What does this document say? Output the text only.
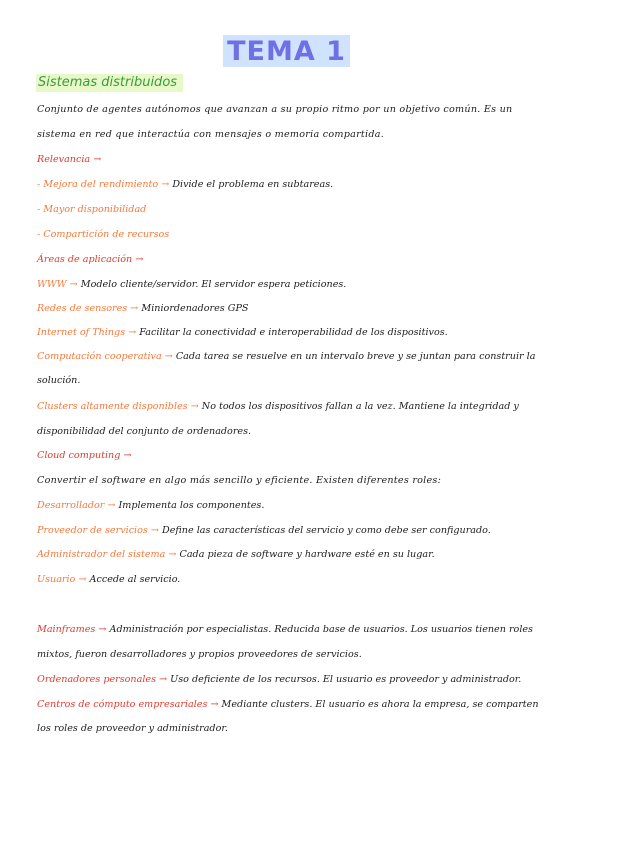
TEMA 1
Sistemas distribuidos
Conjunto de agentes autónomos que avanzan a su propio ritmo por un objetivo común. Es un
sistema en red que interactúa con mensajes o memoria compartida.
Relevancia →
- Mejora del rendimiento → Divide el problema en subtareas.
- Mayor disponibilidad
- Compartición de recursos
Áreas de aplicación →
WWW → Modelo cliente/servidor. El servidor espera peticiones.
Redes de sensores → Miniordenadores GPS
Internet of Things → Facilitar la conectividad e interoperabilidad de los dispositivos.
Computación cooperativa → Cada tarea se resuelve en un intervalo breve y se juntan para construir la
solución.
Clusters altamente disponibles → No todos los dispositivos fallan a la vez. Mantiene la integridad y
disponibilidad del conjunto de ordenadores.
Cloud computing →
Convertir el software en algo más sencillo y eficiente. Existen diferentes roles:
Desarrollador → Implementa los componentes.
Proveedor de servicios → Define las características del servicio y como debe ser configurado.
Administrador del sistema → Cada pieza de software y hardware esté en su lugar.
Usuario → Accede al servicio.
Mainframes → Administración por especialistas. Reducida base de usuarios. Los usuarios tienen roles
mixtos, fueron desarrolladores y propios proveedores de servicios.
Ordenadores personales → Uso deficiente de los recursos. El usuario es proveedor y administrador.
Centros de cómputo empresariales → Mediante clusters. El usuario es ahora la empresa, se comparten
los roles de proveedor y administrador.
